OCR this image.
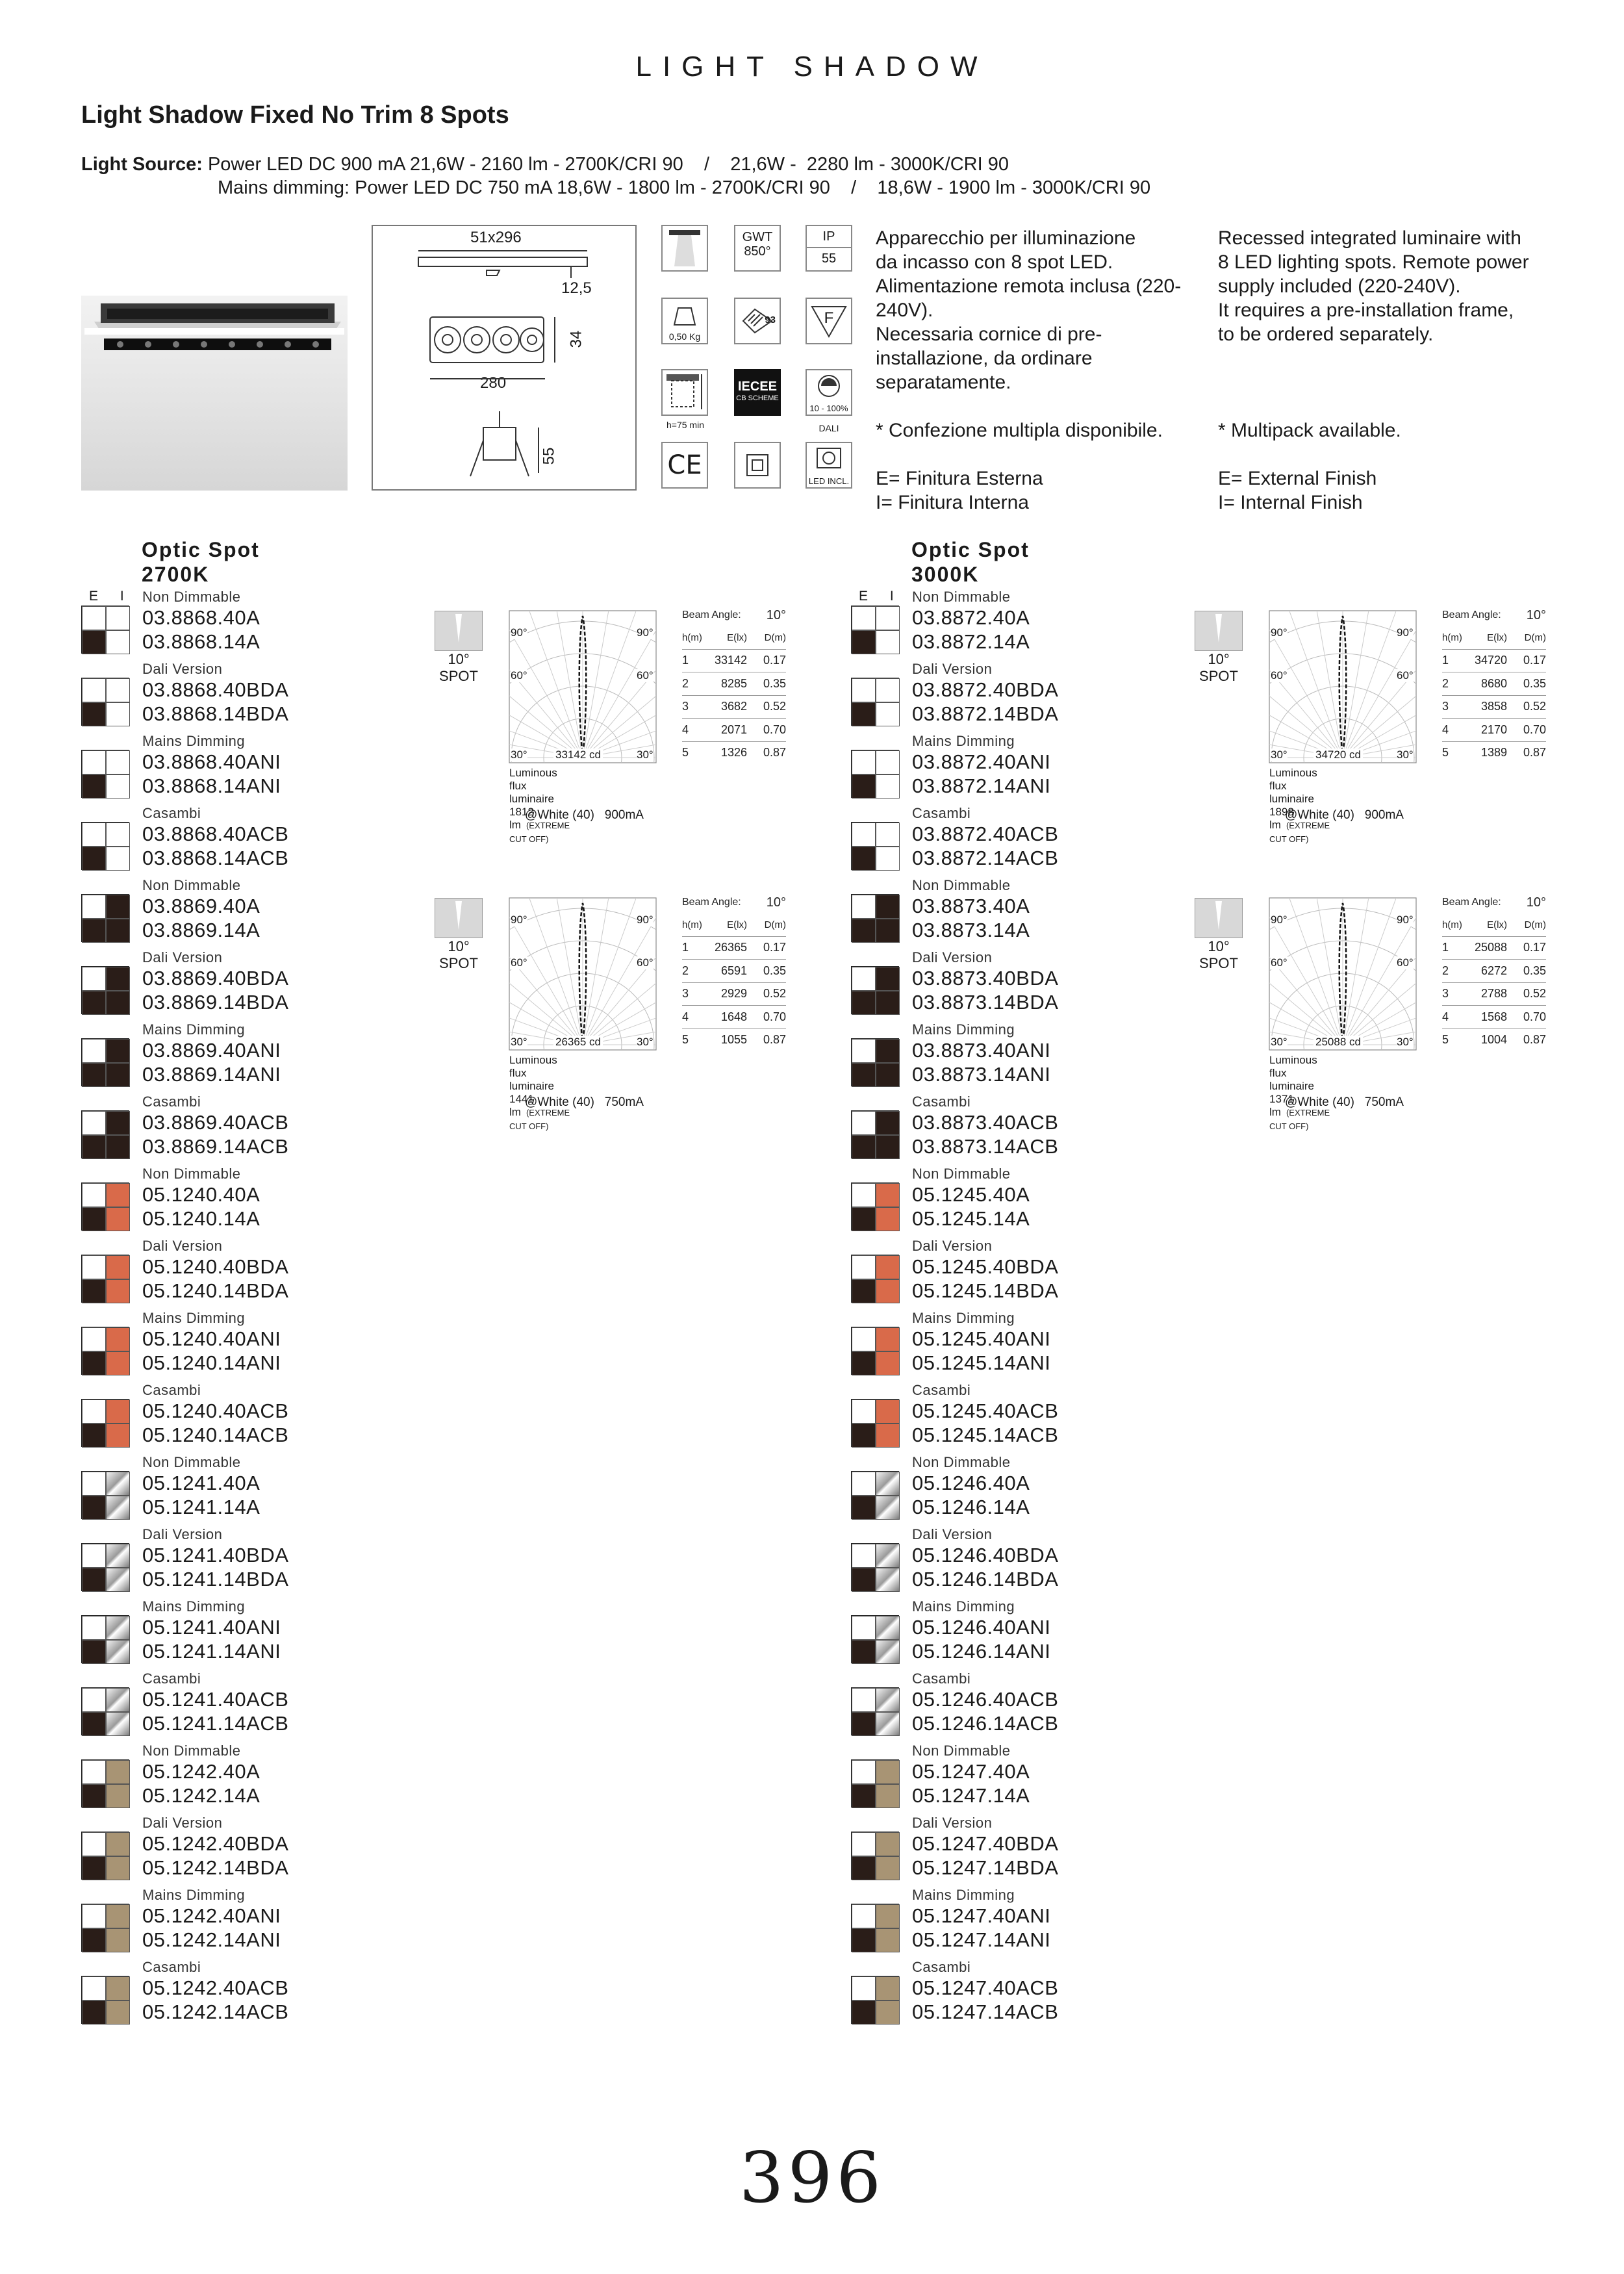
LIGHT SHADOW
Light Shadow Fixed No Trim 8 Spots
Light Source: Power LED DC 900 mA 21,6W - 2160 lm - 2700K/CRI 90    /    21,6W -  2280 lm - 3000K/CRI 90
Mains dimming: Power LED DC 750 mA 18,6W - 1800 lm - 2700K/CRI 90    /    18,6W - 1900 lm - 3000K/CRI 90
51x296
12,5
280
34
55
GWT
850°
IP
55
0,50 Kg
93	F
h=75 min
IECEE
CB SCHEME
10 - 100%
DALI
CE
LED INCL.
Apparecchio per illuminazione
da incasso con 8 spot LED.
Alimentazione remota inclusa (220-
240V).
Necessaria cornice di pre-
installazione, da ordinare
separatamente.
* Confezione multipla disponibile.
E= Finitura Esterna
I= Finitura Interna
Recessed integrated luminaire with
8 LED lighting spots. Remote power
supply included (220-240V).
It requires a pre-installation frame,
to be ordered separately.
* Multipack available.
E= External Finish
I= Internal Finish
Optic Spot
2700K
E I
Optic Spot
3000K
E I
Non Dimmable
03.8868.40A
03.8868.14A
Dali Version
03.8868.40BDA
03.8868.14BDA
Mains Dimming
03.8868.40ANI
03.8868.14ANI
Casambi
03.8868.40ACB
03.8868.14ACB
Non Dimmable
03.8869.40A
03.8869.14A
Dali Version
03.8869.40BDA
03.8869.14BDA
Mains Dimming
03.8869.40ANI
03.8869.14ANI
Casambi
03.8869.40ACB
03.8869.14ACB
Non Dimmable
05.1240.40A
05.1240.14A
Dali Version
05.1240.40BDA
05.1240.14BDA
Mains Dimming
05.1240.40ANI
05.1240.14ANI
Casambi
05.1240.40ACB
05.1240.14ACB
Non Dimmable
05.1241.40A
05.1241.14A
Dali Version
05.1241.40BDA
05.1241.14BDA
Mains Dimming
05.1241.40ANI
05.1241.14ANI
Casambi
05.1241.40ACB
05.1241.14ACB
Non Dimmable
05.1242.40A
05.1242.14A
Dali Version
05.1242.40BDA
05.1242.14BDA
Mains Dimming
05.1242.40ANI
05.1242.14ANI
Casambi
05.1242.40ACB
05.1242.14ACB
Non Dimmable
03.8872.40A
03.8872.14A
Dali Version
03.8872.40BDA
03.8872.14BDA
Mains Dimming
03.8872.40ANI
03.8872.14ANI
Casambi
03.8872.40ACB
03.8872.14ACB
Non Dimmable
03.8873.40A
03.8873.14A
Dali Version
03.8873.40BDA
03.8873.14BDA
Mains Dimming
03.8873.40ANI
03.8873.14ANI
Casambi
03.8873.40ACB
03.8873.14ACB
Non Dimmable
05.1245.40A
05.1245.14A
Dali Version
05.1245.40BDA
05.1245.14BDA
Mains Dimming
05.1245.40ANI
05.1245.14ANI
Casambi
05.1245.40ACB
05.1245.14ACB
Non Dimmable
05.1246.40A
05.1246.14A
Dali Version
05.1246.40BDA
05.1246.14BDA
Mains Dimming
05.1246.40ANI
05.1246.14ANI
Casambi
05.1246.40ACB
05.1246.14ACB
Non Dimmable
05.1247.40A
05.1247.14A
Dali Version
05.1247.40BDA
05.1247.14BDA
Mains Dimming
05.1247.40ANI
05.1247.14ANI
Casambi
05.1247.40ACB
05.1247.14ACB
10°
SPOT
90°	90°
60°	60°
30°	30°
33142 cd
Luminous flux luminaire
1812 lm (EXTREME CUT OFF)
@White (40)   900mA
Beam Angle: 10°
h(m)	E(lx)	D(m)
1	33142	0.17
2	8285	0.35
3	3682	0.52
4	2071	0.70
5	1326	0.87
10°
SPOT
90°	90°
60°	60°
30°	30°
26365 cd
Luminous flux luminaire
1441 lm (EXTREME CUT OFF)
@White (40)   750mA
Beam Angle: 10°
h(m)	E(lx)	D(m)
1	26365	0.17
2	6591	0.35
3	2929	0.52
4	1648	0.70
5	1055	0.87
10°
SPOT
90°	90°
60°	60°
30°	30°
34720 cd
Luminous flux luminaire
1898 lm (EXTREME CUT OFF)
@White (40)   900mA
Beam Angle: 10°
h(m)	E(lx)	D(m)
1	34720	0.17
2	8680	0.35
3	3858	0.52
4	2170	0.70
5	1389	0.87
10°
SPOT
90°	90°
60°	60°
30°	30°
25088 cd
Luminous flux luminaire
1371 lm (EXTREME CUT OFF)
@White (40)   750mA
Beam Angle: 10°
h(m)	E(lx)	D(m)
1	25088	0.17
2	6272	0.35
3	2788	0.52
4	1568	0.70
5	1004	0.87
396
